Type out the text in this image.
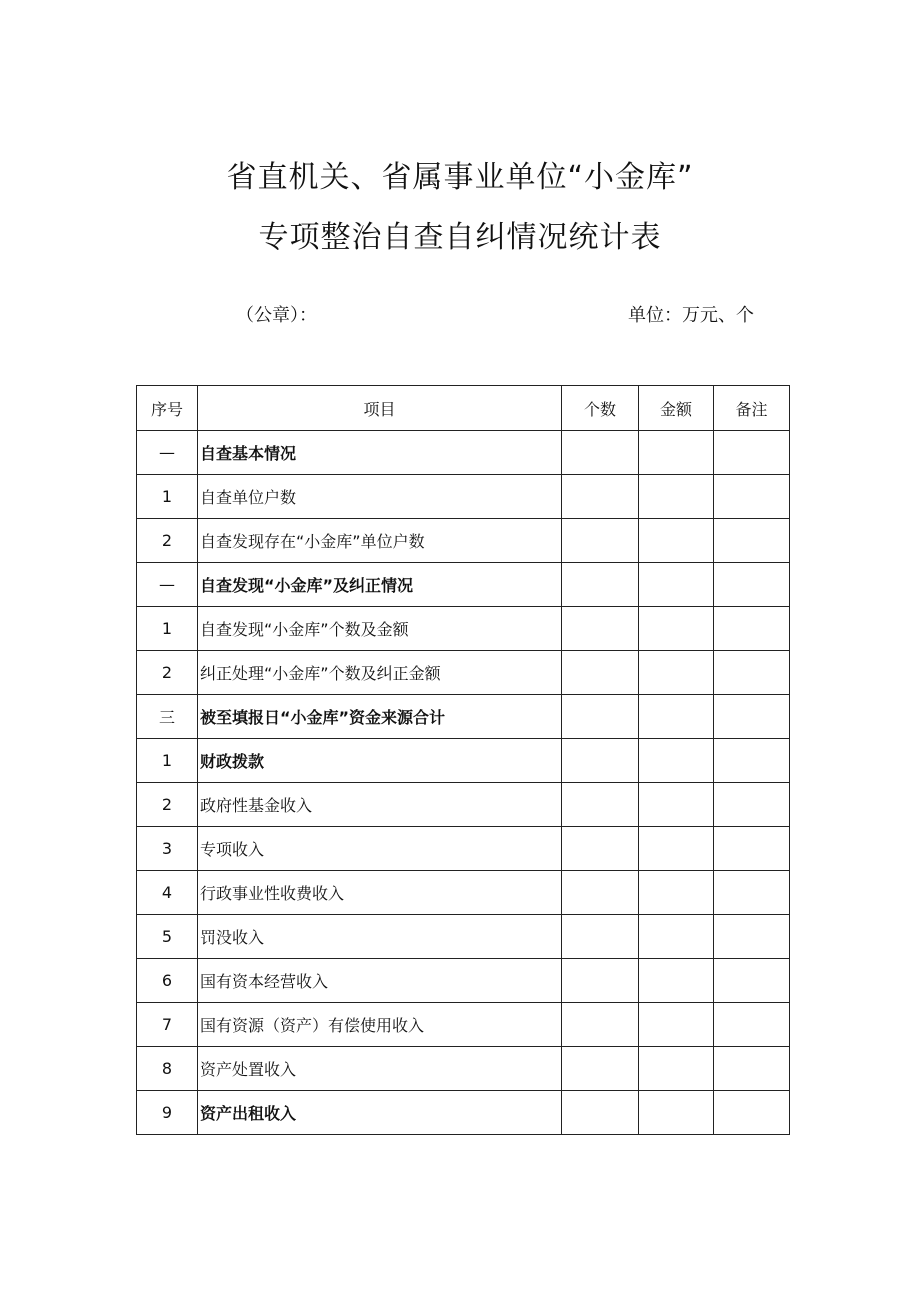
省直机关、省属事业单位“小金库”
专项整治自查自纠情况统计表
（公章）：	单位：万元、个
序号	项目	个数	金额	备注
—	自查基本情况			
1	自查单位户数			
2	自查发现存在“小金库”单位户数			
—	自查发现“小金库”及纠正情况			
1	自查发现“小金库”个数及金额			
2	纠正处理“小金库”个数及纠正金额			
三	被至填报日“小金库”资金来源合计			
1	财政拨款			
2	政府性基金收入			
3	专项收入			
4	行政事业性收费收入			
5	罚没收入			
6	国有资本经营收入			
7	国有资源（资产）有偿使用收入			
8	资产处置收入			
9	资产出租收入			
